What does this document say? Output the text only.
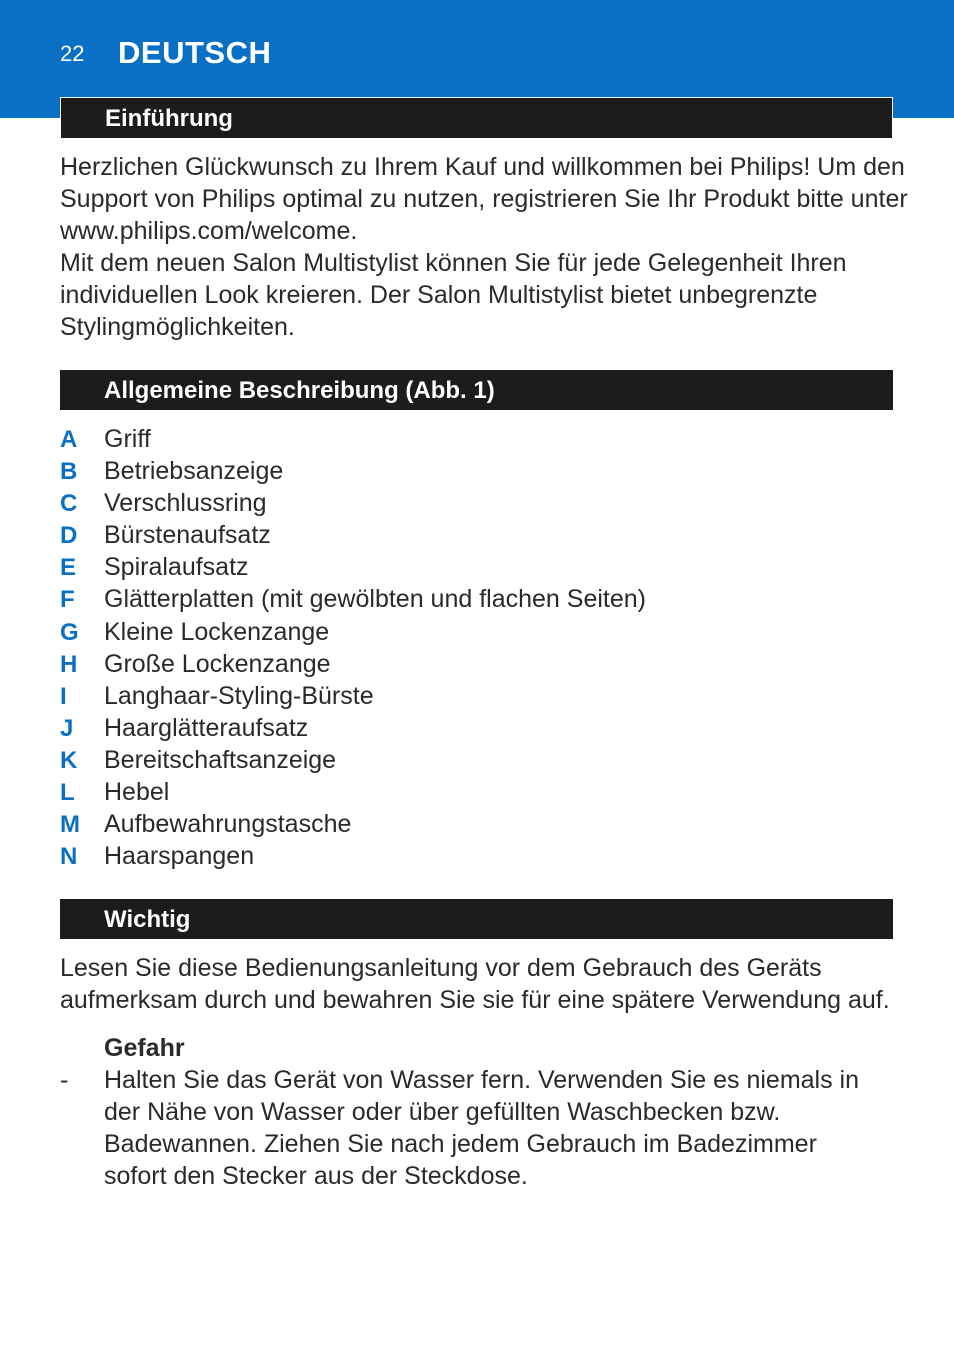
22 DEUTSCH
Einführung

Herzlichen Glückwunsch zu Ihrem Kauf und willkommen bei Philips! Um den Support von Philips optimal zu nutzen, registrieren Sie Ihr Produkt bitte unter www.philips.com/welcome.

Mit dem neuen Salon Multistylist können Sie für jede Gelegenheit Ihren individuellen Look kreieren. Der Salon Multistylist bietet unbegrenzte Stylingmöglichkeiten.

Allgemeine Beschreibung (Abb. 1)
A Griff
B Betriebsanzeige
C Verschlussring
D Bürstenaufsatz
E Spiralaufsatz
F Glätterplatten (mit gewölbten und flachen Seiten)
G Kleine Lockenzange
H Große Lockenzange
I Langhaar-Styling-Bürste
J Haarglätteraufsatz
K Bereitschaftsanzeige
L Hebel
M Aufbewahrungstasche
N Haarspangen
Wichtig

Lesen Sie diese Bedienungsanleitung vor dem Gebrauch des Geräts aufmerksam durch und bewahren Sie sie für eine spätere Verwendung auf.

Gefahr
-	Halten Sie das Gerät von Wasser fern. Verwenden Sie es niemals in der Nähe von Wasser oder über gefüllten Waschbecken bzw. Badewannen. Ziehen Sie nach jedem Gebrauch im Badezimmer sofort den Stecker aus der Steckdose.
